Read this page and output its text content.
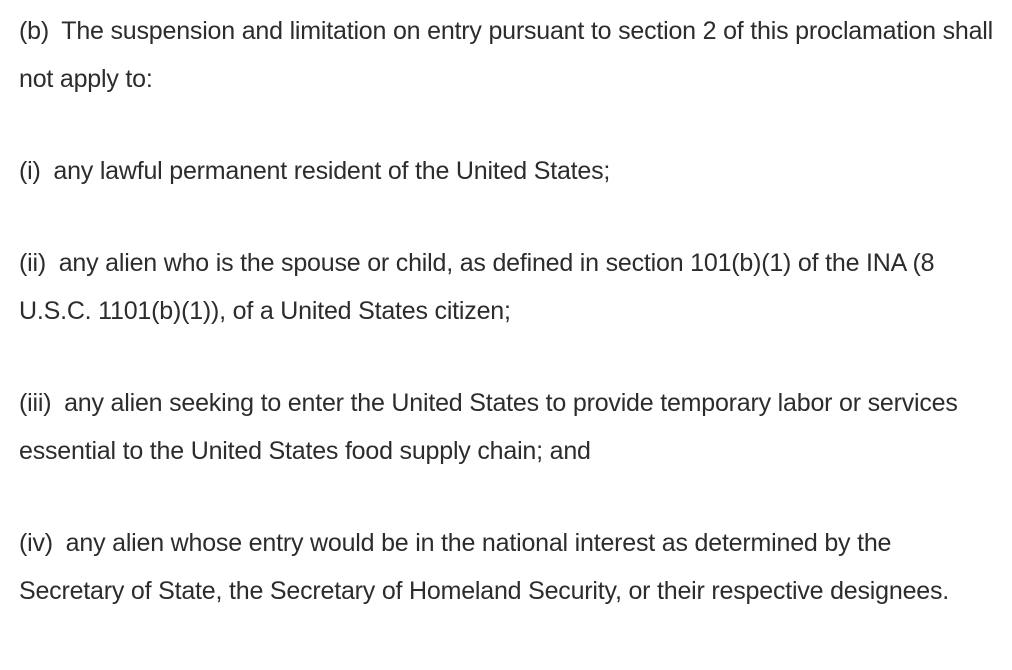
(b) The suspension and limitation on entry pursuant to section 2 of this proclamation shall not apply to:

(i) any lawful permanent resident of the United States;

(ii) any alien who is the spouse or child, as defined in section 101(b)(1) of the INA (8 U.S.C. 1101(b)(1)), of a United States citizen;

(iii) any alien seeking to enter the United States to provide temporary labor or services essential to the United States food supply chain; and

(iv) any alien whose entry would be in the national interest as determined by the Secretary of State, the Secretary of Homeland Security, or their respective designees.
